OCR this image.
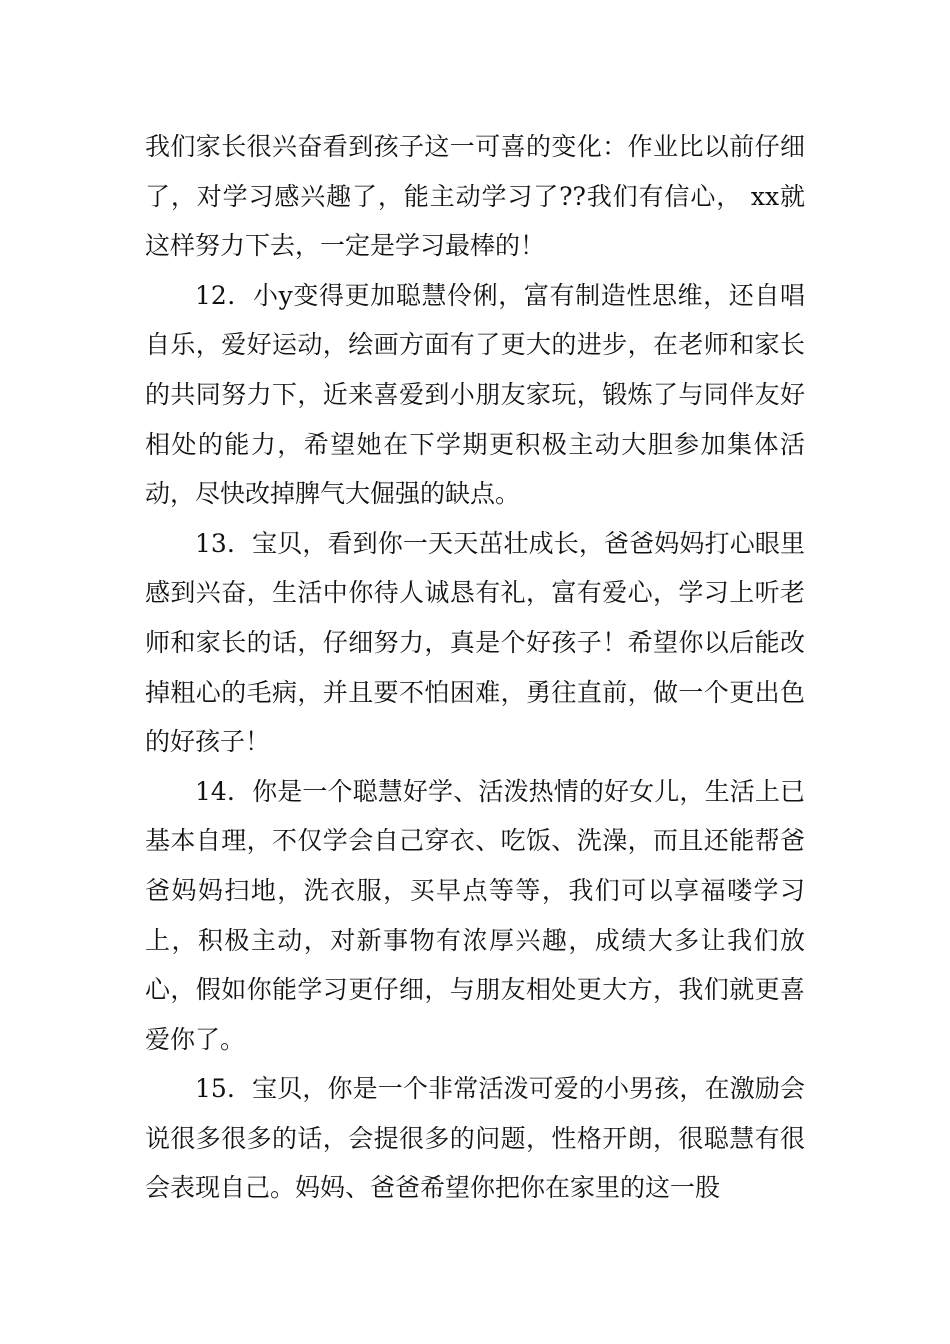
我们家长很兴奋看到孩子这一可喜的变化：作业比以前仔细了，对学习感兴趣了，能主动学习了??我们有信心， xx就这样努力下去，一定是学习最棒的！

12．小y变得更加聪慧伶俐，富有制造性思维，还自唱自乐，爱好运动，绘画方面有了更大的进步，在老师和家长的共同努力下，近来喜爱到小朋友家玩，锻炼了与同伴友好相处的能力，希望她在下学期更积极主动大胆参加集体活动，尽快改掉脾气大倔强的缺点。

13．宝贝，看到你一天天茁壮成长，爸爸妈妈打心眼里感到兴奋，生活中你待人诚恳有礼，富有爱心，学习上听老师和家长的话，仔细努力，真是个好孩子！希望你以后能改掉粗心的毛病，并且要不怕困难，勇往直前，做一个更出色的好孩子！

14．你是一个聪慧好学、活泼热情的好女儿，生活上已基本自理，不仅学会自己穿衣、吃饭、洗澡，而且还能帮爸爸妈妈扫地，洗衣服，买早点等等，我们可以享福喽学习上，积极主动，对新事物有浓厚兴趣，成绩大多让我们放心，假如你能学习更仔细，与朋友相处更大方，我们就更喜爱你了。

15．宝贝，你是一个非常活泼可爱的小男孩，在激励会说很多很多的话，会提很多的问题，性格开朗，很聪慧有很会表现自己。妈妈、爸爸希望你把你在家里的这一股
